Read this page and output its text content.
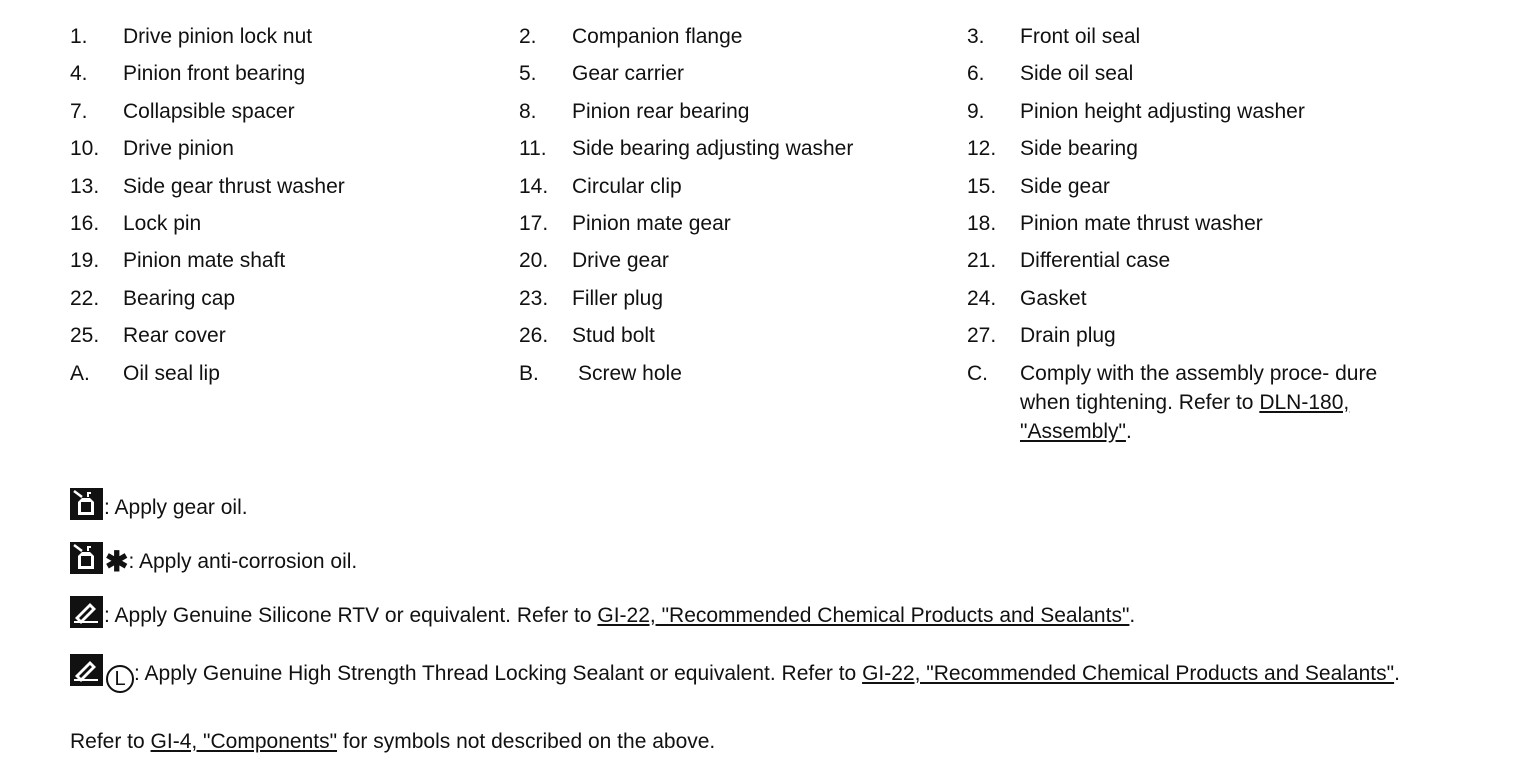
1. Drive pinion lock nut	2. Companion flange	3. Front oil seal
4. Pinion front bearing	5. Gear carrier	6. Side oil seal
7. Collapsible spacer	8. Pinion rear bearing	9. Pinion height adjusting washer
10. Drive pinion	11. Side bearing adjusting washer	12. Side bearing
13. Side gear thrust washer	14. Circular clip	15. Side gear
16. Lock pin	17. Pinion mate gear	18. Pinion mate thrust washer
19. Pinion mate shaft	20. Drive gear	21. Differential case
22. Bearing cap	23. Filler plug	24. Gasket
25. Rear cover	26. Stud bolt	27. Drain plug
A. Oil seal lip	B. Screw hole	C. Comply with the assembly proce- dure when tightening. Refer to DLN-180, "Assembly".
: Apply gear oil.
✱: Apply anti-corrosion oil.
: Apply Genuine Silicone RTV or equivalent. Refer to GI-22, "Recommended Chemical Products and Sealants".
L : Apply Genuine High Strength Thread Locking Sealant or equivalent. Refer to GI-22, "Recommended Chemical Products and Sealants".
Refer to GI-4, "Components" for symbols not described on the above.
